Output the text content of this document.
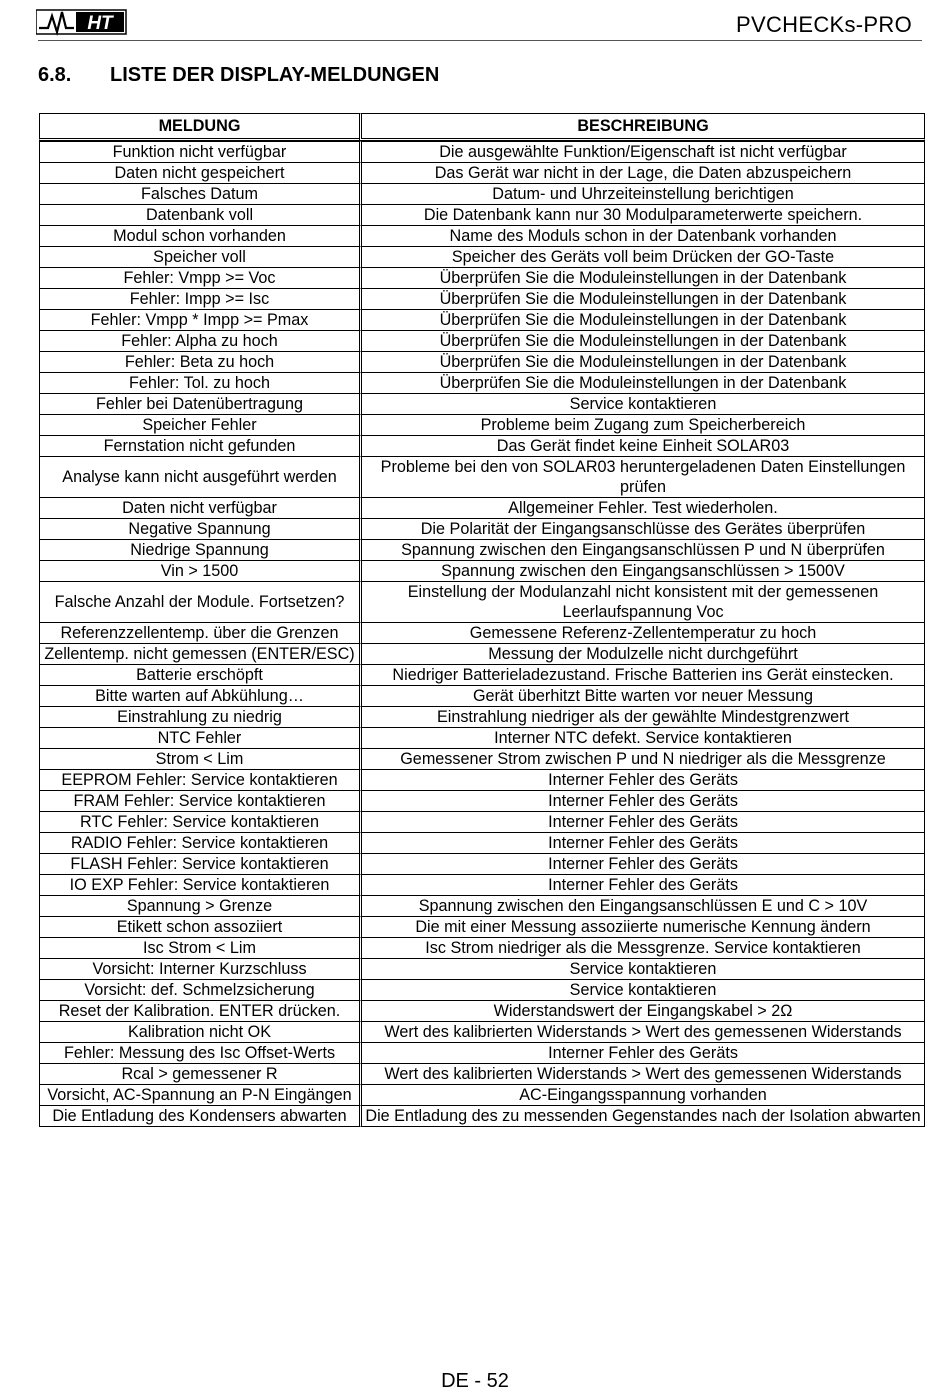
HT	PVCHECKs-PRO
6.8. LISTE DER DISPLAY-MELDUNGEN
MELDUNG	BESCHREIBUNG
Funktion nicht verfügbar	Die ausgewählte Funktion/Eigenschaft ist nicht verfügbar
Daten nicht gespeichert	Das Gerät war nicht in der Lage, die Daten abzuspeichern
Falsches Datum	Datum- und Uhrzeiteinstellung berichtigen
Datenbank voll	Die Datenbank kann nur 30 Modulparameterwerte speichern.
Modul schon vorhanden	Name des Moduls schon in der Datenbank vorhanden
Speicher voll	Speicher des Geräts voll beim Drücken der GO-Taste
Fehler: Vmpp >= Voc	Überprüfen Sie die Moduleinstellungen in der Datenbank
Fehler: Impp >= Isc	Überprüfen Sie die Moduleinstellungen in der Datenbank
Fehler: Vmpp * Impp >= Pmax	Überprüfen Sie die Moduleinstellungen in der Datenbank
Fehler: Alpha zu hoch	Überprüfen Sie die Moduleinstellungen in der Datenbank
Fehler: Beta zu hoch	Überprüfen Sie die Moduleinstellungen in der Datenbank
Fehler: Tol. zu hoch	Überprüfen Sie die Moduleinstellungen in der Datenbank
Fehler bei Datenübertragung	Service kontaktieren
Speicher Fehler	Probleme beim Zugang zum Speicherbereich
Fernstation nicht gefunden	Das Gerät findet keine Einheit SOLAR03
Analyse kann nicht ausgeführt werden	Probleme bei den von SOLAR03 heruntergeladenen Daten Einstellungen prüfen
Daten nicht verfügbar	Allgemeiner Fehler. Test wiederholen.
Negative Spannung	Die Polarität der Eingangsanschlüsse des Gerätes überprüfen
Niedrige Spannung	Spannung zwischen den Eingangsanschlüssen P und N überprüfen
Vin > 1500	Spannung zwischen den Eingangsanschlüssen > 1500V
Falsche Anzahl der Module. Fortsetzen?	Einstellung der Modulanzahl nicht konsistent mit der gemessenen Leerlaufspannung Voc
Referenzzellentemp. über die Grenzen	Gemessene Referenz-Zellentemperatur zu hoch
Zellentemp. nicht gemessen (ENTER/ESC)	Messung der Modulzelle nicht durchgeführt
Batterie erschöpft	Niedriger Batterieladezustand. Frische Batterien ins Gerät einstecken.
Bitte warten auf Abkühlung…	Gerät überhitzt Bitte warten vor neuer Messung
Einstrahlung zu niedrig	Einstrahlung niedriger als der gewählte Mindestgrenzwert
NTC Fehler	Interner NTC defekt. Service kontaktieren
Strom < Lim	Gemessener Strom zwischen P und N niedriger als die Messgrenze
EEPROM Fehler: Service kontaktieren	Interner Fehler des Geräts
FRAM Fehler: Service kontaktieren	Interner Fehler des Geräts
RTC Fehler: Service kontaktieren	Interner Fehler des Geräts
RADIO Fehler: Service kontaktieren	Interner Fehler des Geräts
FLASH Fehler: Service kontaktieren	Interner Fehler des Geräts
IO EXP Fehler: Service kontaktieren	Interner Fehler des Geräts
Spannung > Grenze	Spannung zwischen den Eingangsanschlüssen E und C > 10V
Etikett schon assoziiert	Die mit einer Messung assoziierte numerische Kennung ändern
Isc Strom < Lim	Isc Strom niedriger als die Messgrenze. Service kontaktieren
Vorsicht: Interner Kurzschluss	Service kontaktieren
Vorsicht: def. Schmelzsicherung	Service kontaktieren
Reset der Kalibration. ENTER drücken.	Widerstandswert der Eingangskabel > 2Ω
Kalibration nicht OK	Wert des kalibrierten Widerstands > Wert des gemessenen Widerstands
Fehler: Messung des Isc Offset-Werts	Interner Fehler des Geräts
Rcal > gemessener R	Wert des kalibrierten Widerstands > Wert des gemessenen Widerstands
Vorsicht, AC-Spannung an P-N Eingängen	AC-Eingangsspannung vorhanden
Die Entladung des Kondensers abwarten	Die Entladung des zu messenden Gegenstandes nach der Isolation abwarten
DE - 52
